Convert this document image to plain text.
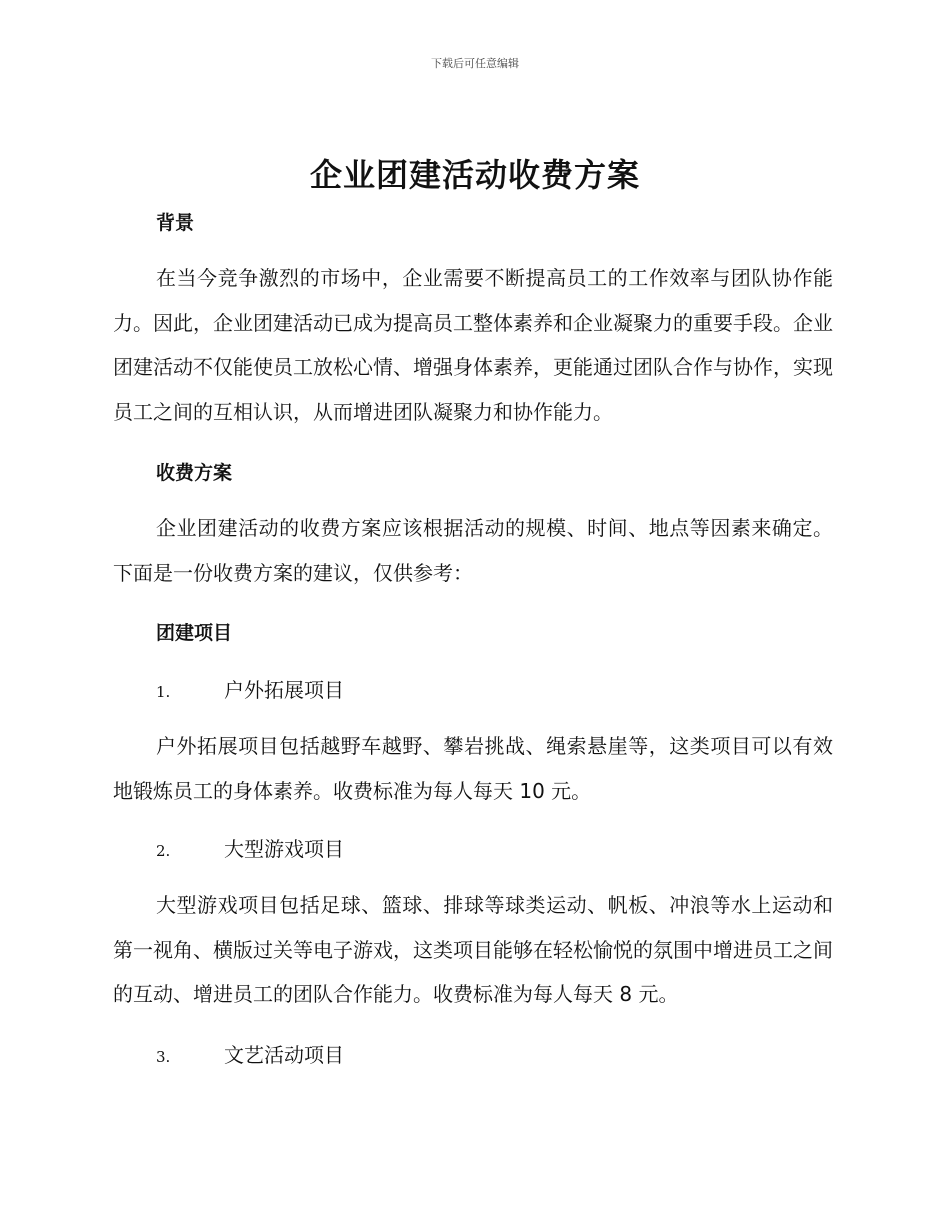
下载后可任意编辑
企业团建活动收费方案
背景
在当今竞争激烈的市场中，企业需要不断提高员工的工作效率与团队协作能力。因此，企业团建活动已成为提高员工整体素养和企业凝聚力的重要手段。企业团建活动不仅能使员工放松心情、增强身体素养，更能通过团队合作与协作，实现员工之间的互相认识，从而增进团队凝聚力和协作能力。
收费方案
企业团建活动的收费方案应该根据活动的规模、时间、地点等因素来确定。下面是一份收费方案的建议，仅供参考：
团建项目
1.	户外拓展项目
户外拓展项目包括越野车越野、攀岩挑战、绳索悬崖等，这类项目可以有效地锻炼员工的身体素养。收费标准为每人每天 10 元。
2.	大型游戏项目
大型游戏项目包括足球、篮球、排球等球类运动、帆板、冲浪等水上运动和第一视角、横版过关等电子游戏，这类项目能够在轻松愉悦的氛围中增进员工之间的互动、增进员工的团队合作能力。收费标准为每人每天 8 元。
3.	文艺活动项目
